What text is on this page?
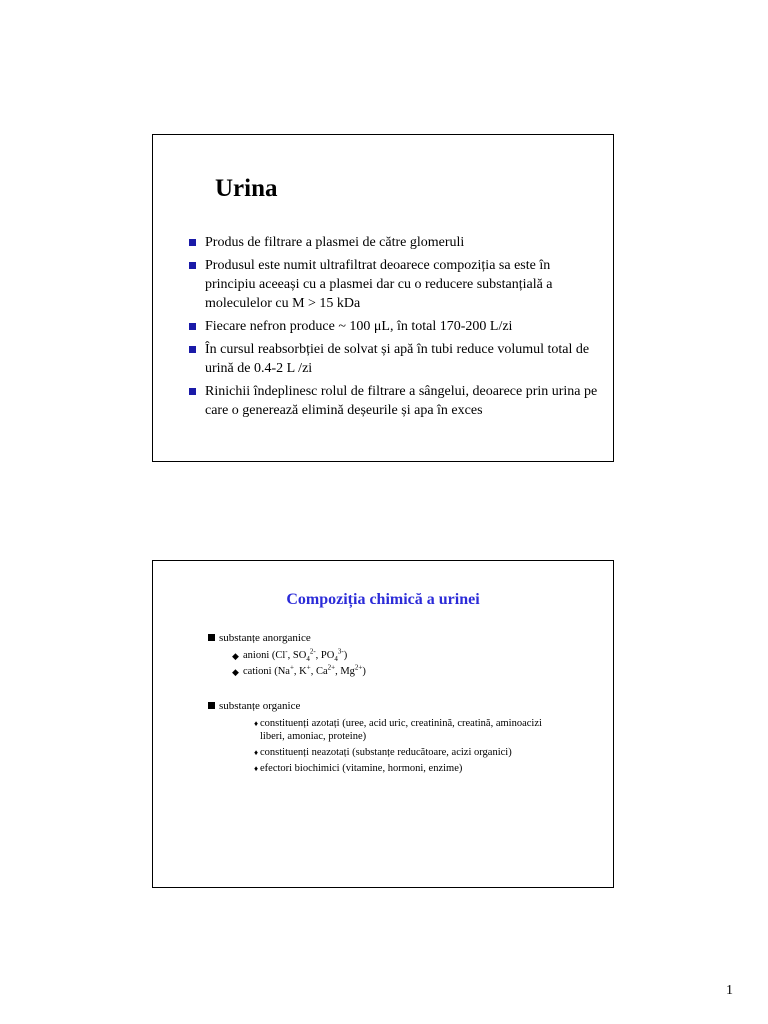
Urina
Produs de filtrare a plasmei de către glomeruli
Produsul este numit ultrafiltrat deoarece compoziția sa este în principiu aceeași cu a plasmei dar cu o reducere substanțială a moleculelor cu M > 15 kDa
Fiecare nefron produce ~ 100 μL, în total 170-200 L/zi
În cursul reabsorbției de solvat și apă în tubi reduce volumul total de urină de 0.4-2 L /zi
Rinichii îndeplinesc rolul de filtrare a sângelui, deoarece prin urina pe care o generează elimină deșeurile și apa în exces
Compoziția chimică a urinei
substanțe anorganice
◆ anioni (Cl-, $SO_4^{2-}$, $PO_4^{3-}$)
◆ cationi (Na+, K+, $Ca^{2+}$, $Mg^{2+}$)
substanțe organice
♦ constituenți azotați (uree, acid uric, creatinină, creatină, aminoacizi liberi, amoniac, proteine)
♦ constituenți neazotați (substanțe reducătoare, acizi organici)
♦ efectori biochimici (vitamine, hormoni, enzime)
1
